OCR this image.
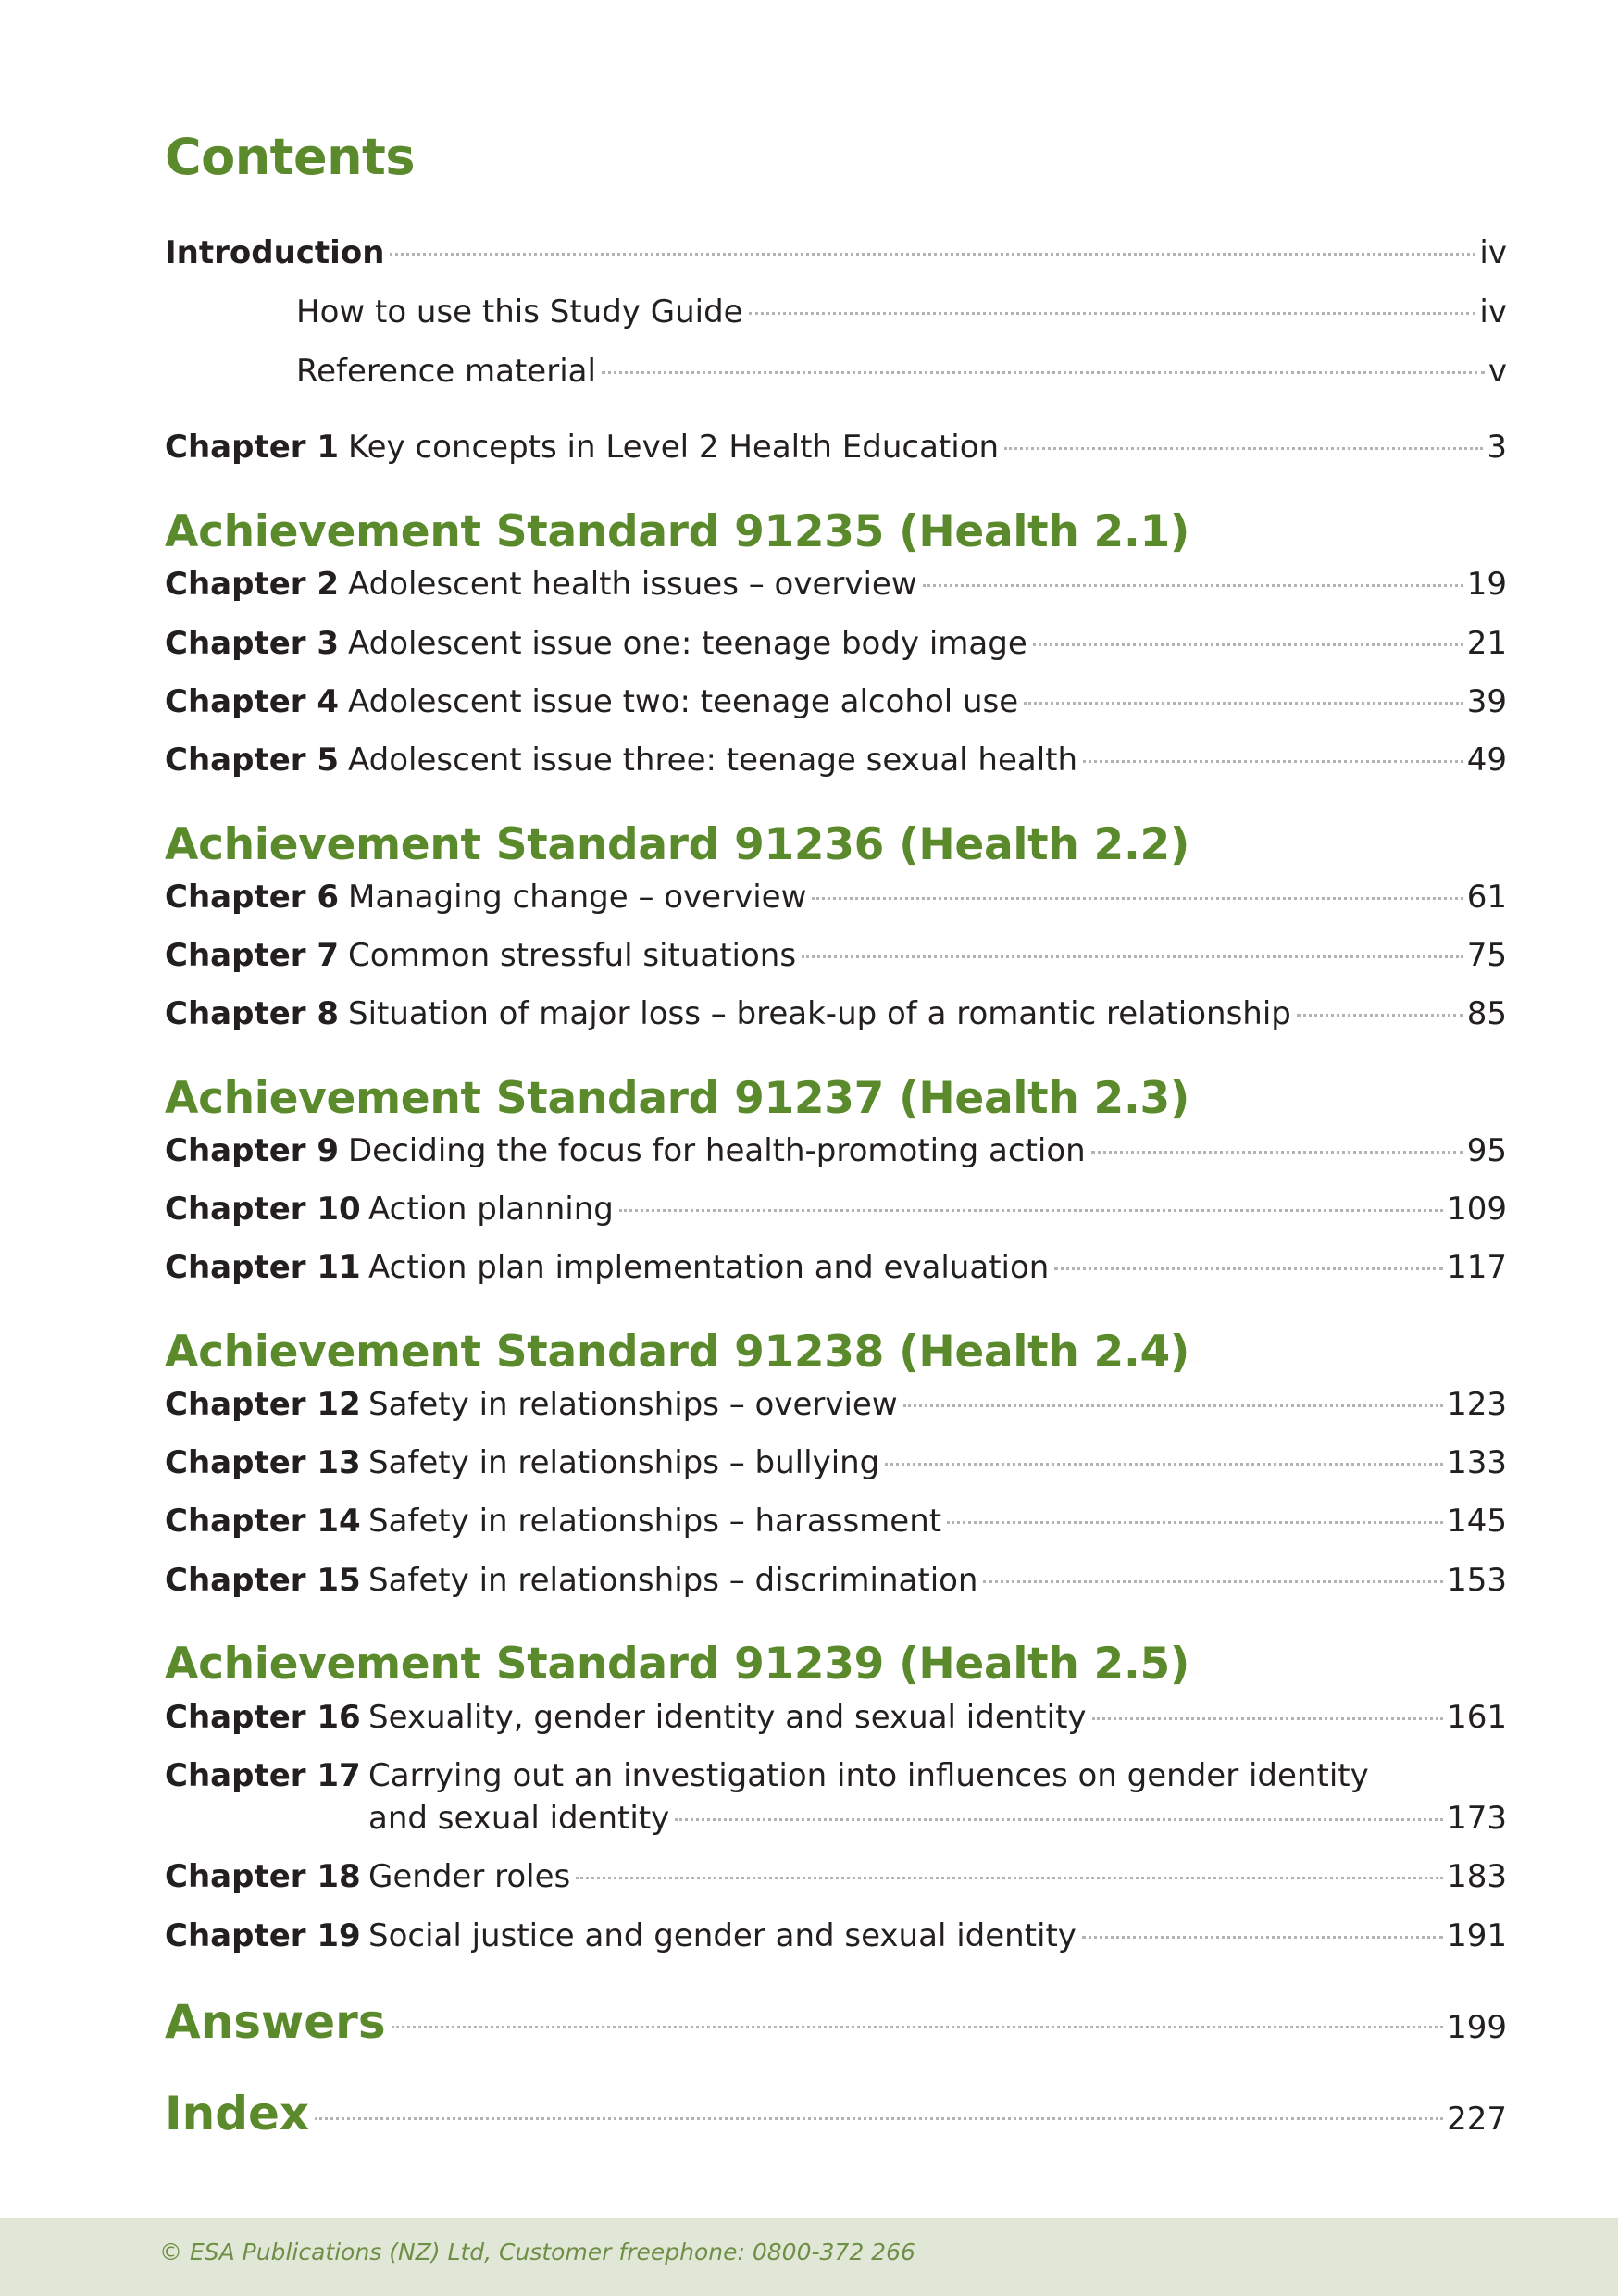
Contents
Introduction	iv
How to use this Study Guide	iv
Reference material	v
Chapter 1 Key concepts in Level 2 Health Education	3
Achievement Standard 91235 (Health 2.1)
Chapter 2 Adolescent health issues – overview	19
Chapter 3 Adolescent issue one: teenage body image	21
Chapter 4 Adolescent issue two: teenage alcohol use	39
Chapter 5 Adolescent issue three: teenage sexual health	49
Achievement Standard 91236 (Health 2.2)
Chapter 6 Managing change – overview	61
Chapter 7 Common stressful situations	75
Chapter 8 Situation of major loss – break-up of a romantic relationship	85
Achievement Standard 91237 (Health 2.3)
Chapter 9 Deciding the focus for health-promoting action	95
Chapter 10 Action planning	109
Chapter 11 Action plan implementation and evaluation	117
Achievement Standard 91238 (Health 2.4)
Chapter 12 Safety in relationships – overview	123
Chapter 13 Safety in relationships – bullying	133
Chapter 14 Safety in relationships – harassment	145
Chapter 15 Safety in relationships – discrimination	153
Achievement Standard 91239 (Health 2.5)
Chapter 16 Sexuality, gender identity and sexual identity	161
Chapter 17 Carrying out an investigation into influences on gender identity
and sexual identity	173
Chapter 18 Gender roles	183
Chapter 19 Social justice and gender and sexual identity	191
Answers	199
Index	227
© ESA Publications (NZ) Ltd, Customer freephone: 0800-372 266
